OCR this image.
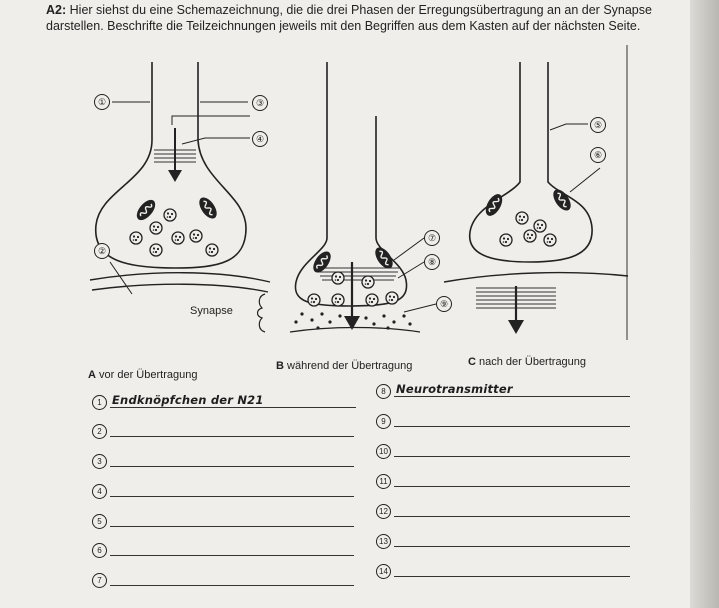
A2: Hier siehst du eine Schemazeichnung, die die drei Phasen der Erregungsübertragung an an der Synapse darstellen. Beschrifte die Teilzeichnungen jeweils mit den Begriffen aus dem Kasten auf der nächsten Seite.
①
②
③
④
⑤
⑥
⑦
⑧
⑨
Synapse
A vor der Übertragung
B während der Übertragung	C nach der Übertragung
1 Endknöpfchen der N21
2
3
4
5
6
7
8 Neurotransmitter
9
10
11
12
13
14
